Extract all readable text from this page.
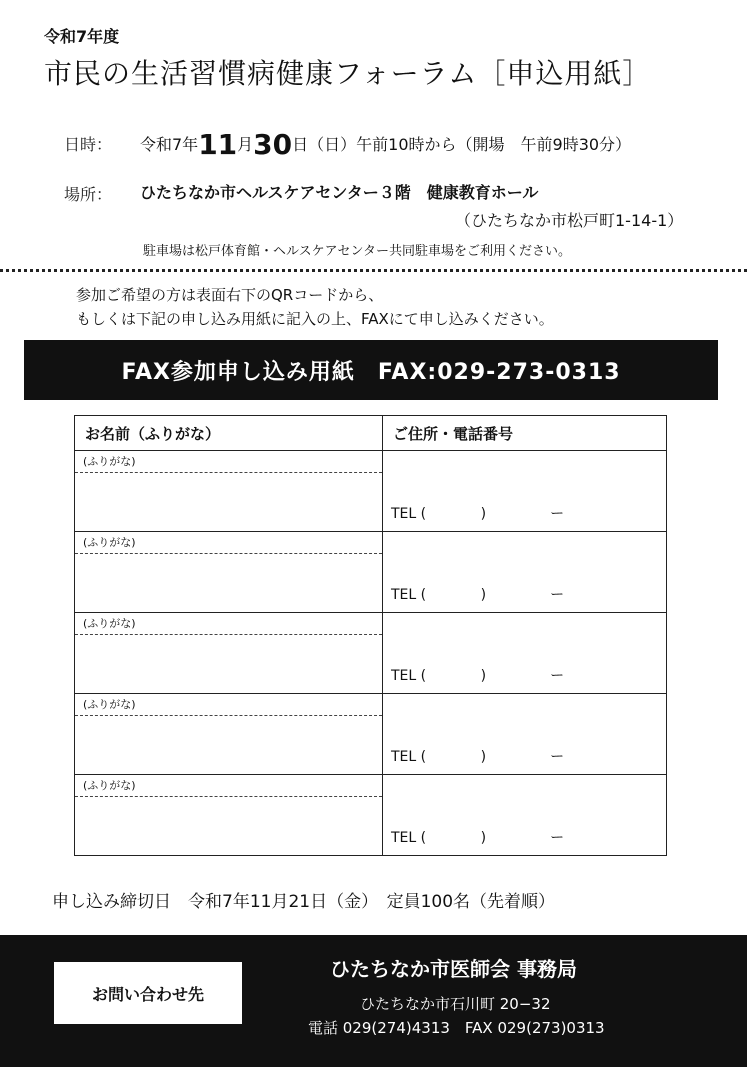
令和7年度
市民の生活習慣病健康フォーラム［申込用紙］
日時： 令和7年11月30日（日）午前10時から（開場　午前9時30分）
場所： ひたちなか市ヘルスケアセンター３階　健康教育ホール
（ひたちなか市松戸町1-14-1）
駐車場は松戸体育館・ヘルスケアセンター共同駐車場をご利用ください。
参加ご希望の方は表面右下のQRコードから、
もしくは下記の申し込み用紙に記入の上、FAXにて申し込みください。
FAX参加申し込み用紙　FAX:029-273-0313
お名前（ふりがな）	ご住所・電話番号

(ふりがな)	TEL ( ) ー

(ふりがな)	TEL ( ) ー

(ふりがな)	TEL ( ) ー

(ふりがな)	TEL ( ) ー

(ふりがな)	TEL ( ) ー
申し込み締切日　令和7年11月21日（金）　定員100名（先着順）
お問い合わせ先
ひたちなか市医師会 事務局
ひたちなか市石川町 20−32
電話 029(274)4313　FAX 029(273)0313
